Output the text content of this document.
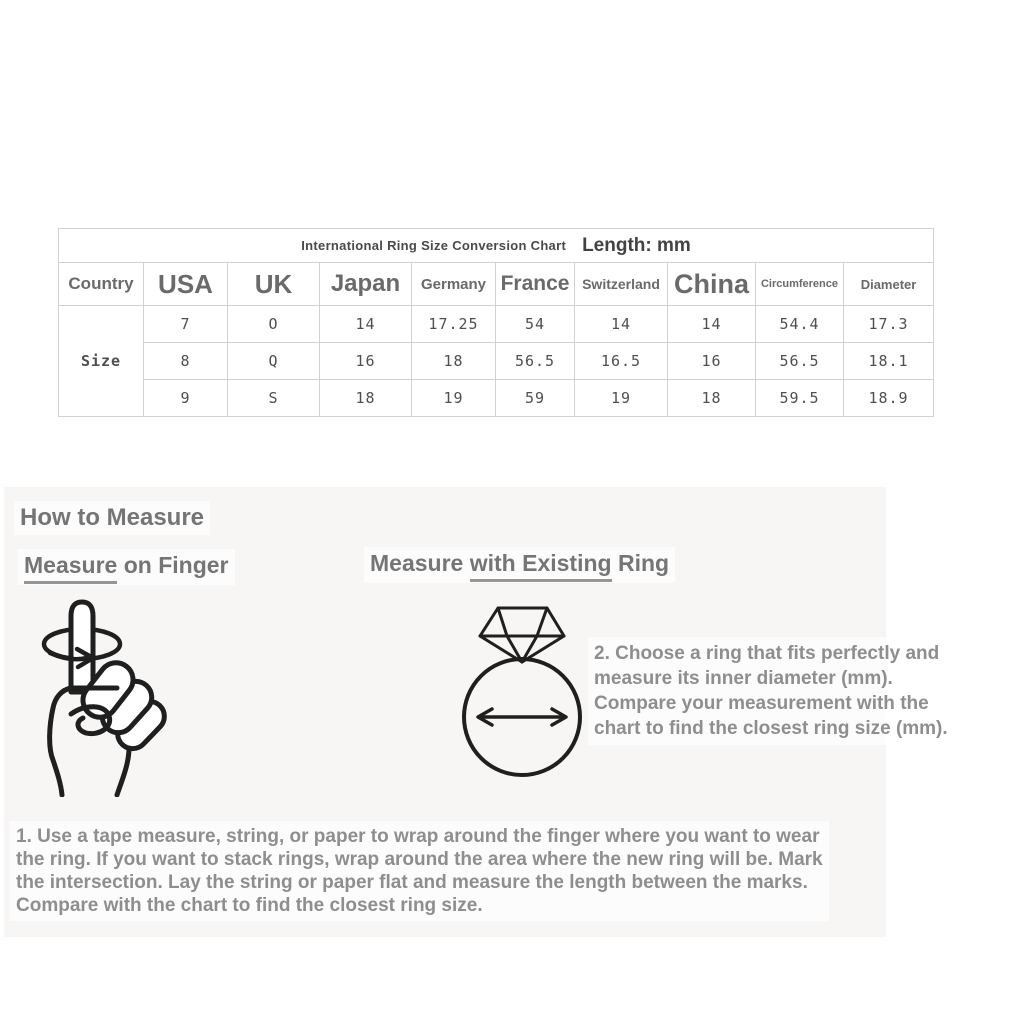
International Ring Size Conversion Chart Length: mm									

Country	USA	UK	Japan	Germany	France	Switzerland	China	Circumference	Diameter
Size	7	O	14	17.25	54	14	14	54.4	17.3
	8	Q	16	18	56.5	16.5	16	56.5	18.1
	9	S	18	19	59	19	18	59.5	18.9
How to Measure
Measure on Finger	Measure with Existing Ring
2. Choose a ring that fits perfectly and
measure its inner diameter (mm).
Compare your measurement with the
chart to find the closest ring size (mm).
1. Use a tape measure, string, or paper to wrap around the finger where you want to wear
the ring. If you want to stack rings, wrap around the area where the new ring will be. Mark
the intersection. Lay the string or paper flat and measure the length between the marks.
Compare with the chart to find the closest ring size.
